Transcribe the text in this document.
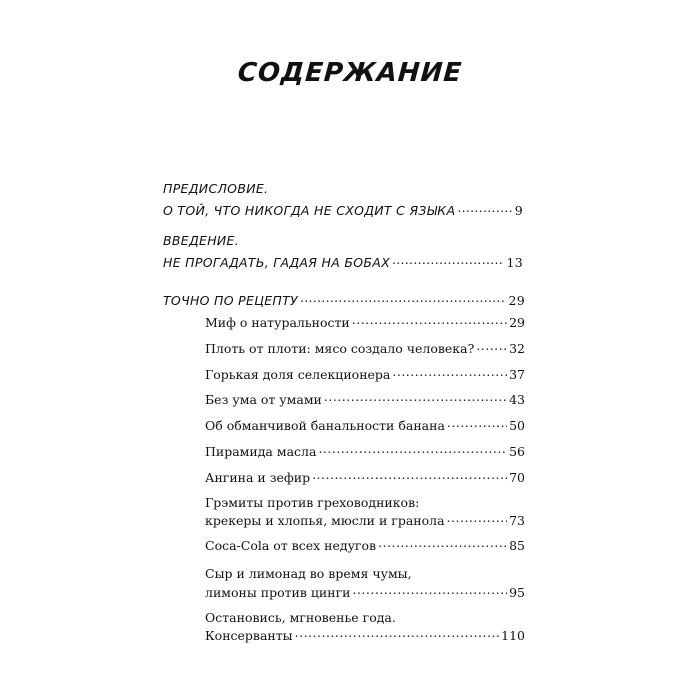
СОДЕРЖАНИЕ
ПРЕДИСЛОВИЕ.
О ТОЙ, ЧТО НИКОГДА НЕ СХОДИТ С ЯЗЫКА .....	9
ВВЕДЕНИЕ.
НЕ ПРОГАДАТЬ, ГАДАЯ НА БОБАХ .....	13
ТОЧНО ПО РЕЦЕПТУ .....	29
Миф о натуральности .....	29
Плоть от плоти: мясо создало человека? .....	32
Горькая доля селекционера .....	37
Без ума от умами .....	43
Об обманчивой банальности банана .....	50
Пирамида масла .....	56
Ангина и зефир .....	70
Грэмиты против греховодников:
крекеры и хлопья, мюсли и гранола .....	73
Coca-Cola от всех недугов .....	85
Сыр и лимонад во время чумы,
лимоны против цинги .....	95
Остановись, мгновенье года.
Консерванты .....	110
